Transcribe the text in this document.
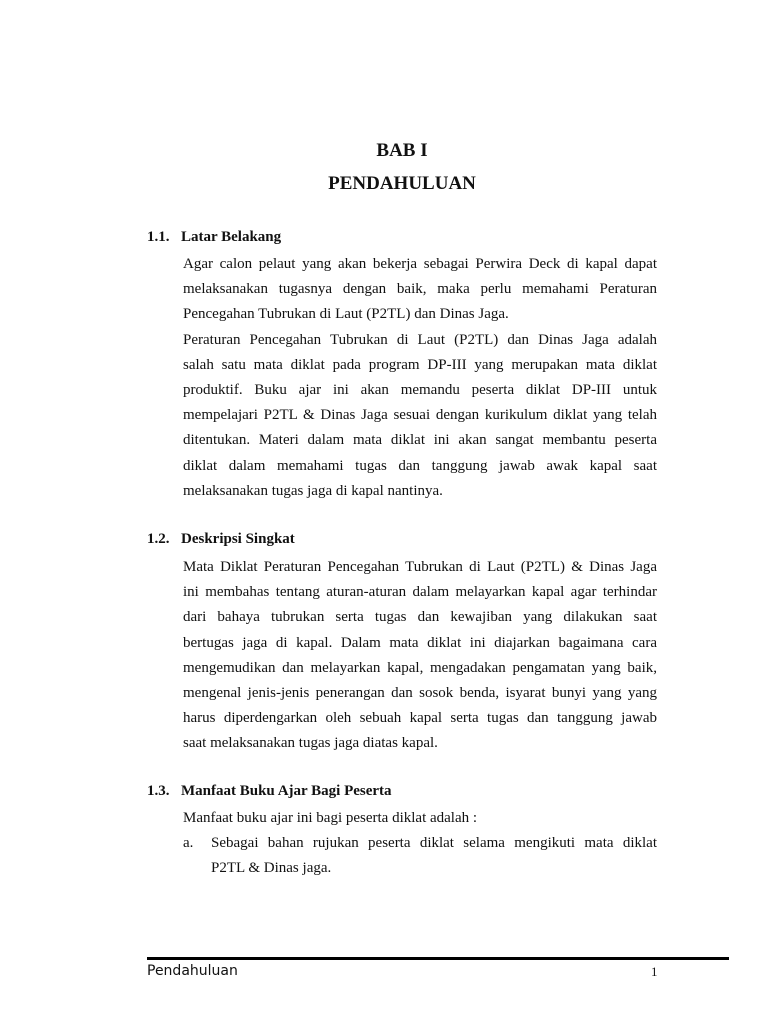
BAB I
PENDAHULUAN
1.1. Latar Belakang
Agar calon pelaut yang akan bekerja sebagai Perwira Deck di kapal dapat
melaksanakan tugasnya dengan baik, maka perlu memahami Peraturan
Pencegahan Tubrukan di Laut (P2TL) dan Dinas Jaga.
Peraturan Pencegahan Tubrukan di Laut (P2TL) dan Dinas Jaga adalah
salah satu mata diklat pada program DP-III yang merupakan mata diklat
produktif. Buku ajar ini akan memandu peserta diklat DP-III untuk
mempelajari P2TL & Dinas Jaga sesuai dengan kurikulum diklat yang telah
ditentukan. Materi dalam mata diklat ini akan sangat membantu peserta
diklat dalam memahami tugas dan tanggung jawab awak kapal saat
melaksanakan tugas jaga di kapal nantinya.
1.2. Deskripsi Singkat
Mata Diklat Peraturan Pencegahan Tubrukan di Laut (P2TL) & Dinas Jaga
ini membahas tentang aturan-aturan dalam melayarkan kapal agar terhindar
dari bahaya tubrukan serta tugas dan kewajiban yang dilakukan saat
bertugas jaga di kapal. Dalam mata diklat ini diajarkan bagaimana cara
mengemudikan dan melayarkan kapal, mengadakan pengamatan yang baik,
mengenal jenis-jenis penerangan dan sosok benda, isyarat bunyi yang yang
harus diperdengarkan oleh sebuah kapal serta tugas dan tanggung jawab
saat melaksanakan tugas jaga diatas kapal.
1.3. Manfaat Buku Ajar Bagi Peserta
Manfaat buku ajar ini bagi peserta diklat adalah :
a. Sebagai bahan rujukan peserta diklat selama mengikuti mata diklat
P2TL & Dinas jaga.
Pendahuluan	1
